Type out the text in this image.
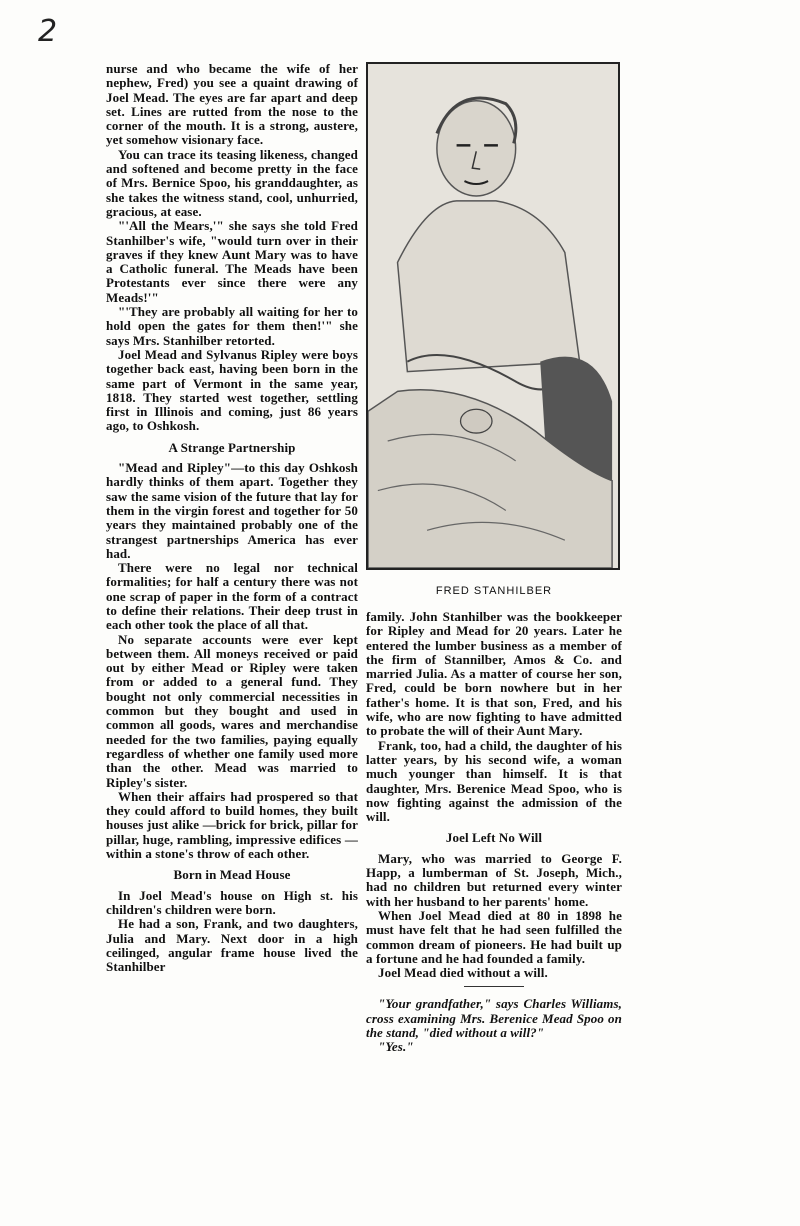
2

nurse and who became the wife of her nephew, Fred) you see a quaint drawing of Joel Mead. The eyes are far apart and deep set. Lines are rutted from the nose to the corner of the mouth. It is a strong, austere, yet somehow visionary face.

You can trace its teasing likeness, changed and softened and become pretty in the face of Mrs. Bernice Spoo, his granddaughter, as she takes the witness stand, cool, unhurried, gracious, at ease.

"'All the Mears,'" she says she told Fred Stanhilber's wife, "would turn over in their graves if they knew Aunt Mary was to have a Catholic funeral. The Meads have been Protestants ever since there were any Meads!'"

"'They are probably all waiting for her to hold open the gates for them then!'" she says Mrs. Stanhilber retorted.

Joel Mead and Sylvanus Ripley were boys together back east, having been born in the same part of Vermont in the same year, 1818. They started west together, settling first in Illinois and coming, just 86 years ago, to Oshkosh.

A Strange Partnership

"Mead and Ripley"—to this day Oshkosh hardly thinks of them apart. Together they saw the same vision of the future that lay for them in the virgin forest and together for 50 years they maintained probably one of the strangest partnerships America has ever had.

There were no legal nor technical formalities; for half a century there was not one scrap of paper in the form of a contract to define their relations. Their deep trust in each other took the place of all that.

No separate accounts were ever kept between them. All moneys received or paid out by either Mead or Ripley were taken from or added to a general fund. They bought not only commercial necessities in common but they bought and used in common all goods, wares and merchandise needed for the two families, paying equally regardless of whether one family used more than the other. Mead was married to Ripley's sister.

When their affairs had prospered so that they could afford to build homes, they built houses just alike —brick for brick, pillar for pillar, huge, rambling, impressive edifices —within a stone's throw of each other.

Born in Mead House

In Joel Mead's house on High st. his children's children were born.

He had a son, Frank, and two daughters, Julia and Mary. Next door in a high ceilinged, angular frame house lived the Stanhilber

FRED STANHILBER

family. John Stanhilber was the bookkeeper for Ripley and Mead for 20 years. Later he entered the lumber business as a member of the firm of Stannilber, Amos & Co. and married Julia. As a matter of course her son, Fred, could be born nowhere but in her father's home. It is that son, Fred, and his wife, who are now fighting to have admitted to probate the will of their Aunt Mary.

Frank, too, had a child, the daughter of his latter years, by his second wife, a woman much younger than himself. It is that daughter, Mrs. Berenice Mead Spoo, who is now fighting against the admission of the will.

Joel Left No Will

Mary, who was married to George F. Happ, a lumberman of St. Joseph, Mich., had no children but returned every winter with her husband to her parents' home.

When Joel Mead died at 80 in 1898 he must have felt that he had seen fulfilled the common dream of pioneers. He had built up a fortune and he had founded a family.

Joel Mead died without a will.

"Your grandfather," says Charles Williams, cross examining Mrs. Berenice Mead Spoo on the stand, "died without a will?"

"Yes."
